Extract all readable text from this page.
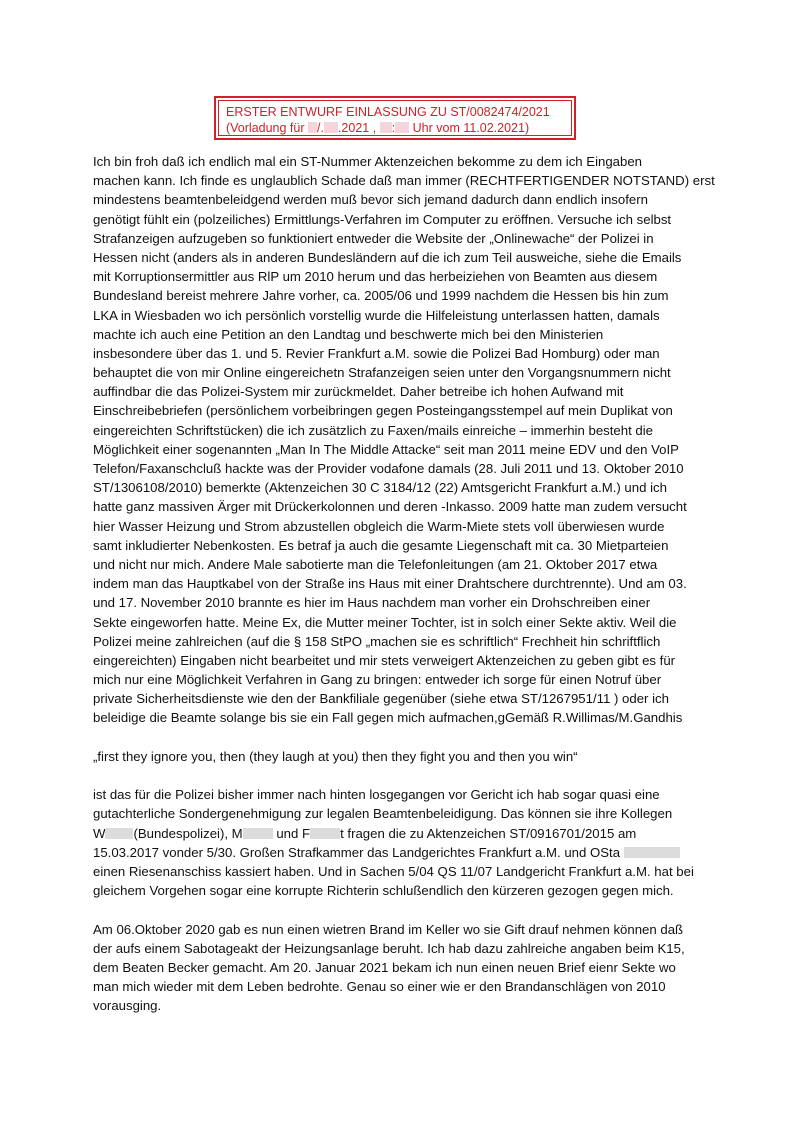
ERSTER ENTWURF EINLASSUNG ZU ST/0082474/2021
(Vorladung für /. .2021 , : Uhr vom 11.02.2021)
Ich bin froh daß ich endlich mal ein ST-Nummer Aktenzeichen bekomme zu dem ich Eingaben
machen kann. Ich finde es unglaublich Schade daß man immer (RECHTFERTIGENDER NOTSTAND) erst
mindestens beamtenbeleidgend werden muß bevor sich jemand dadurch dann endlich insofern
genötigt fühlt ein (polzeiliches) Ermittlungs-Verfahren im Computer zu eröffnen. Versuche ich selbst
Strafanzeigen aufzugeben so funktioniert entweder die Website der „Onlinewache“ der Polizei in
Hessen nicht (anders als in anderen Bundesländern auf die ich zum Teil ausweiche, siehe die Emails
mit Korruptionsermittler aus RlP um 2010 herum und das herbeiziehen von Beamten aus diesem
Bundesland bereist mehrere Jahre vorher, ca. 2005/06 und 1999 nachdem die Hessen bis hin zum
LKA in Wiesbaden wo ich persönlich vorstellig wurde die Hilfeleistung unterlassen hatten, damals
machte ich auch eine Petition an den Landtag und beschwerte mich bei den Ministerien
insbesondere über das 1. und 5. Revier Frankfurt a.M. sowie die Polizei Bad Homburg) oder man
behauptet die von mir Online eingereichetn Strafanzeigen seien unter den Vorgangsnummern nicht
auffindbar die das Polizei-System mir zurückmeldet. Daher betreibe ich hohen Aufwand mit
Einschreibebriefen (persönlichem vorbeibringen gegen Posteingangsstempel auf mein Duplikat von
eingereichten Schriftstücken) die ich zusätzlich zu Faxen/mails einreiche – immerhin besteht die
Möglichkeit einer sogenannten „Man In The Middle Attacke“ seit man 2011 meine EDV und den VoIP
Telefon/Faxanschcluß hackte was der Provider vodafone damals (28. Juli 2011 und 13. Oktober 2010
ST/1306108/2010) bemerkte (Aktenzeichen 30 C 3184/12 (22) Amtsgericht Frankfurt a.M.) und ich
hatte ganz massiven Ärger mit Drückerkolonnen und deren -Inkasso. 2009 hatte man zudem versucht
hier Wasser Heizung und Strom abzustellen obgleich die Warm-Miete stets voll überwiesen wurde
samt inkludierter Nebenkosten. Es betraf ja auch die gesamte Liegenschaft mit ca. 30 Mietparteien
und nicht nur mich. Andere Male sabotierte man die Telefonleitungen (am 21. Oktober 2017 etwa
indem man das Hauptkabel von der Straße ins Haus mit einer Drahtschere durchtrennte). Und am 03.
und 17. November 2010 brannte es hier im Haus nachdem man vorher ein Drohschreiben einer
Sekte eingeworfen hatte. Meine Ex, die Mutter meiner Tochter, ist in solch einer Sekte aktiv. Weil die
Polizei meine zahlreichen (auf die § 158 StPO „machen sie es schriftlich“ Frechheit hin schriftflich
eingereichten) Eingaben nicht bearbeitet und mir stets verweigert Aktenzeichen zu geben gibt es für
mich nur eine Möglichkeit Verfahren in Gang zu bringen: entweder ich sorge für einen Notruf über
private Sicherheitsdienste wie den der Bankfiliale gegenüber (siehe etwa ST/1267951/11 ) oder ich
beleidige die Beamte solange bis sie ein Fall gegen mich aufmachen,gGemäß R.Willimas/M.Gandhis
„first they ignore you, then (they laugh at you) then they fight you and then you win“
ist das für die Polizei bisher immer nach hinten losgegangen vor Gericht ich hab sogar quasi eine
gutachterliche Sondergenehmigung zur legalen Beamtenbeleidigung. Das können sie ihre Kollegen
W (Bundespolizei), M	und F t fragen die zu Aktenzeichen ST/0916701/2015 am
15.03.2017 vonder 5/30. Großen Strafkammer das Landgerichtes Frankfurt a.M. und OSta
einen Riesenanschiss kassiert haben. Und in Sachen 5/04 QS 11/07 Landgericht Frankfurt a.M. hat bei
gleichem Vorgehen sogar eine korrupte Richterin schlußendlich den kürzeren gezogen gegen mich.
Am 06.Oktober 2020 gab es nun einen wietren Brand im Keller wo sie Gift drauf nehmen können daß
der aufs einem Sabotageakt der Heizungsanlage beruht. Ich hab dazu zahlreiche angaben beim K15,
dem Beaten Becker gemacht. Am 20. Januar 2021 bekam ich nun einen neuen Brief eienr Sekte wo
man mich wieder mit dem Leben bedrohte. Genau so einer wie er den Brandanschlägen von 2010
vorausging.
